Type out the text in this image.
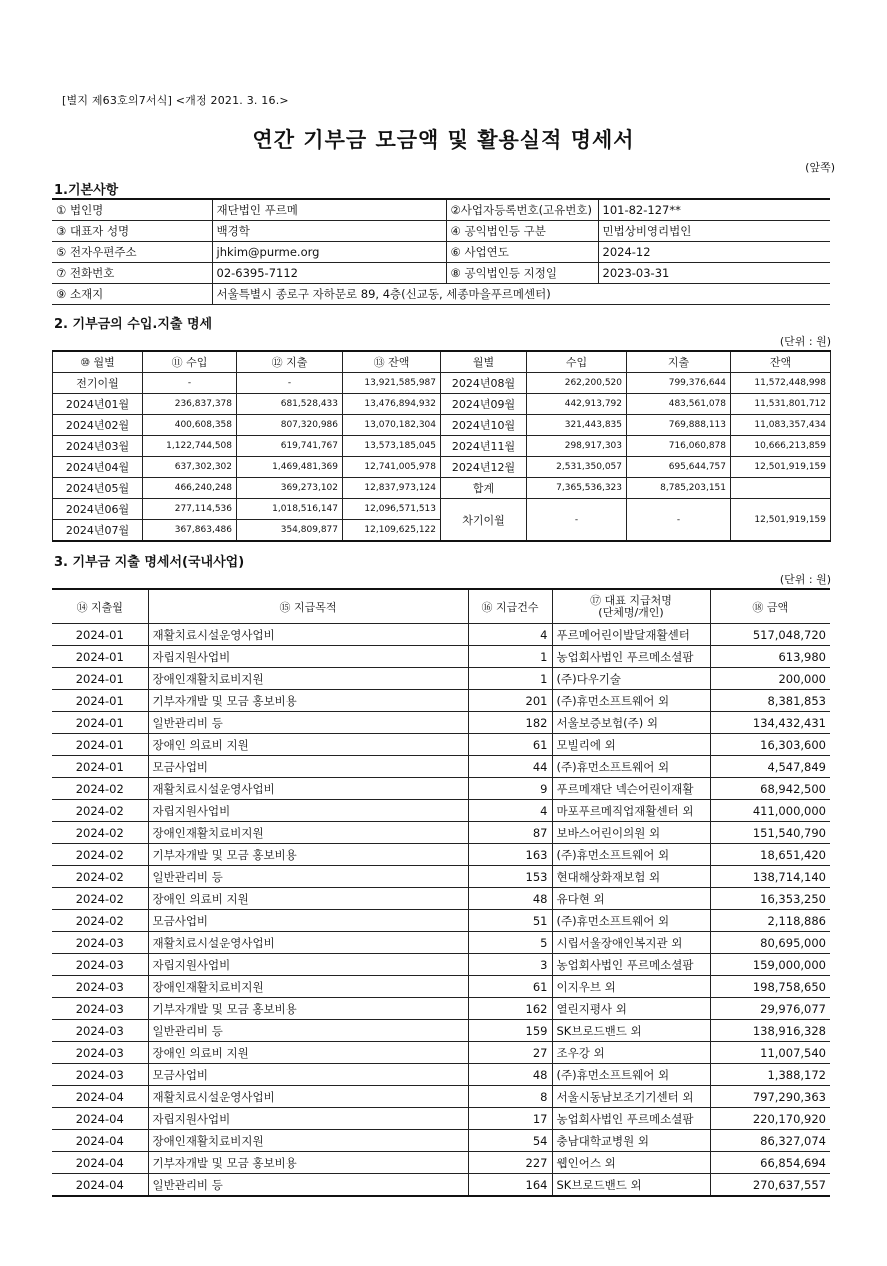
[별지 제63호의7서식] <개정 2021. 3. 16.>
연간 기부금 모금액 및 활용실적 명세서
(앞쪽)
1.기본사항
① 법인명	재단법인 푸르메	②사업자등록번호(고유번호)	101-82-127**
③ 대표자 성명	백경학	④ 공익법인등 구분	민법상비영리법인
⑤ 전자우편주소	jhkim@purme.org	⑥ 사업연도	2024-12
⑦ 전화번호	02-6395-7112	⑧ 공익법인등 지정일	2023-03-31
⑨ 소재지	서울특별시 종로구 자하문로 89, 4층(신교동, 세종마을푸르메센터)		
2. 기부금의 수입.지출 명세
(단위 : 원)
⑩ 월별	⑪ 수입	⑫ 지출	⑬ 잔액	월별	수입	지출	잔액
전기이월	-	-	13,921,585,987	2024년08월	262,200,520	799,376,644	11,572,448,998
2024년01월	236,837,378	681,528,433	13,476,894,932	2024년09월	442,913,792	483,561,078	11,531,801,712
2024년02월	400,608,358	807,320,986	13,070,182,304	2024년10월	321,443,835	769,888,113	11,083,357,434
2024년03월	1,122,744,508	619,741,767	13,573,185,045	2024년11월	298,917,303	716,060,878	10,666,213,859
2024년04월	637,302,302	1,469,481,369	12,741,005,978	2024년12월	2,531,350,057	695,644,757	12,501,919,159
2024년05월	466,240,248	369,273,102	12,837,973,124	합계	7,365,536,323	8,785,203,151	
2024년06월	277,114,536	1,018,516,147	12,096,571,513	차기이월	-	-	12,501,919,159
2024년07월	367,863,486	354,809,877	12,109,625,122				
3. 기부금 지출 명세서(국내사업)
(단위 : 원)
⑭ 지출월	⑮ 지급목적	⑯ 지급건수	⑰ 대표 지급처명
(단체명/개인)	⑱ 금액
2024-01	재활치료시설운영사업비	4	푸르메어린이발달재활센터	517,048,720
2024-01	자립지원사업비	1	농업회사법인 푸르메소셜팜	613,980
2024-01	장애인재활치료비지원	1	(주)다우기술	200,000
2024-01	기부자개발 및 모금 홍보비용	201	(주)휴먼소프트웨어 외	8,381,853
2024-01	일반관리비 등	182	서울보증보험(주) 외	134,432,431
2024-01	장애인 의료비 지원	61	모빌리에 외	16,303,600
2024-01	모금사업비	44	(주)휴먼소프트웨어 외	4,547,849
2024-02	재활치료시설운영사업비	9	푸르메재단 넥슨어린이재활	68,942,500
2024-02	자립지원사업비	4	마포푸르메직업재활센터 외	411,000,000
2024-02	장애인재활치료비지원	87	보바스어린이의원 외	151,540,790
2024-02	기부자개발 및 모금 홍보비용	163	(주)휴먼소프트웨어 외	18,651,420
2024-02	일반관리비 등	153	현대해상화재보험 외	138,714,140
2024-02	장애인 의료비 지원	48	유다현 외	16,353,250
2024-02	모금사업비	51	(주)휴먼소프트웨어 외	2,118,886
2024-03	재활치료시설운영사업비	5	시립서울장애인복지관 외	80,695,000
2024-03	자립지원사업비	3	농업회사법인 푸르메소셜팜	159,000,000
2024-03	장애인재활치료비지원	61	이지우브 외	198,758,650
2024-03	기부자개발 및 모금 홍보비용	162	열린지평사 외	29,976,077
2024-03	일반관리비 등	159	SK브로드밴드 외	138,916,328
2024-03	장애인 의료비 지원	27	조우강 외	11,007,540
2024-03	모금사업비	48	(주)휴먼소프트웨어 외	1,388,172
2024-04	재활치료시설운영사업비	8	서울시동남보조기기센터 외	797,290,363
2024-04	자립지원사업비	17	농업회사법인 푸르메소셜팜	220,170,920
2024-04	장애인재활치료비지원	54	충남대학교병원 외	86,327,074
2024-04	기부자개발 및 모금 홍보비용	227	웹인어스 외	66,854,694
2024-04	일반관리비 등	164	SK브로드밴드 외	270,637,557
